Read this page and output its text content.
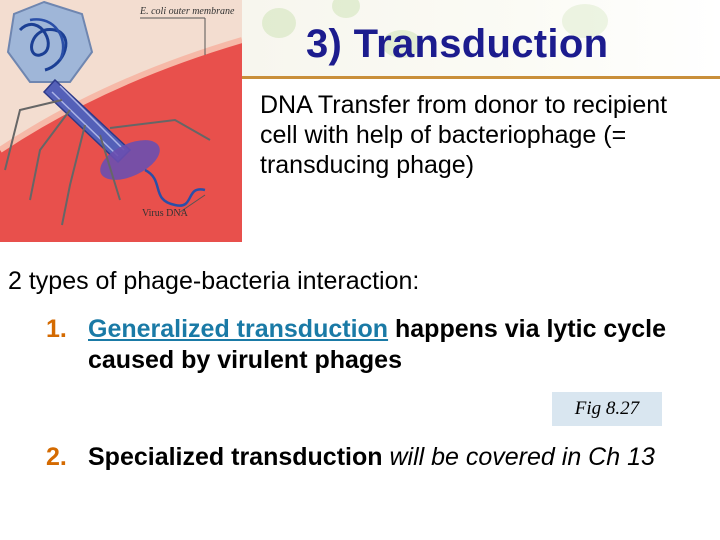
E. coli outer membrane
Virus DNA
3) Transduction

DNA Transfer from donor to recipient cell with help of bacteriophage (= transducing phage)

2 types of phage-bacteria interaction:

1. Generalized transduction happens via lytic cycle caused by virulent phages
Fig 8.27
2. Specialized transduction will be covered in Ch 13
